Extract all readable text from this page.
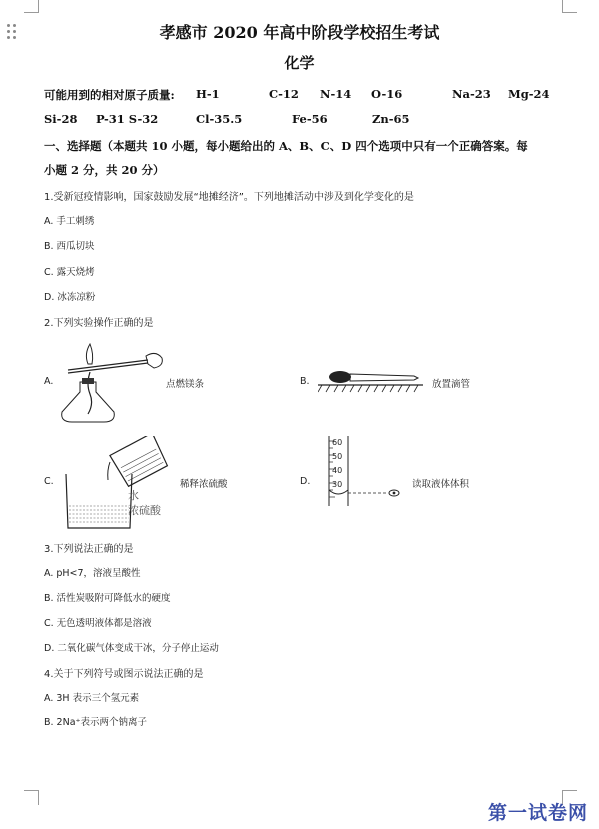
孝感市 2020 年高中阶段学校招生考试
化学
可能用到的相对原子质量: H-1	C-12 N-14 O-16	Na-23 Mg-24
Si-28 P-31 S-32	Cl-35.5	Fe-56	Zn-65
一、选择题（本题共 10 小题，每小题给出的 A、B、C、D 四个选项中只有一个正确答案。每
小题 2 分，共 20 分）
1.受新冠疫情影响，国家鼓励发展“地摊经济”。下列地摊活动中涉及到化学变化的是
A. 手工刺绣
B. 西瓜切块
C. 露天烧烤
D. 冰冻凉粉
2.下列实验操作正确的是
A.	点燃镁条	B.	放置滴管
C.
水
浓硫酸
稀释浓硫酸	D.
60
50
40
30	读取液体体积
3.下列说法正确的是
A. pH<7，溶液呈酸性
B. 活性炭吸附可降低水的硬度
C. 无色透明液体都是溶液
D. 二氧化碳气体变成干冰，分子停止运动
4.关于下列符号或图示说法正确的是
A. 3H 表示三个氢元素
B. 2Na⁺表示两个钠离子
第一试卷网
